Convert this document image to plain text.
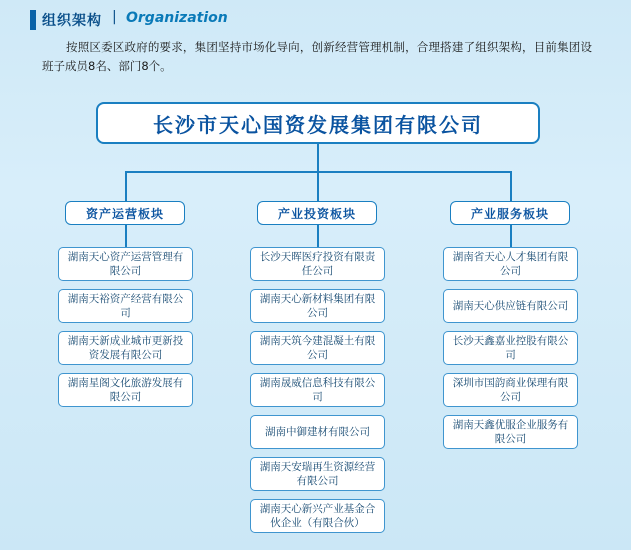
组织架构 | Organization
按照区委区政府的要求，集团坚持市场化导向，创新经营管理机制，合理搭建了组织架构，目前集团设班子成员8名、部门8个。
长沙市天心国资发展集团有限公司
资产运营板块	产业投资板块	产业服务板块
湖南天心资产运营管理有限公司
湖南天裕资产经营有限公司
湖南天新成业城市更新投资发展有限公司
湖南星阁文化旅游发展有限公司
长沙天晖医疗投资有限责任公司
湖南天心新材料集团有限公司
湖南天筑今建混凝土有限公司
湖南晟威信息科技有限公司
湖南中御建材有限公司
湖南天安瑞再生资源经营有限公司
湖南天心新兴产业基金合伙企业（有限合伙）
湖南省天心人才集团有限公司
湖南天心供应链有限公司
长沙天鑫嘉业控股有限公司
深圳市国韵商业保理有限公司
湖南天鑫优服企业服务有限公司
